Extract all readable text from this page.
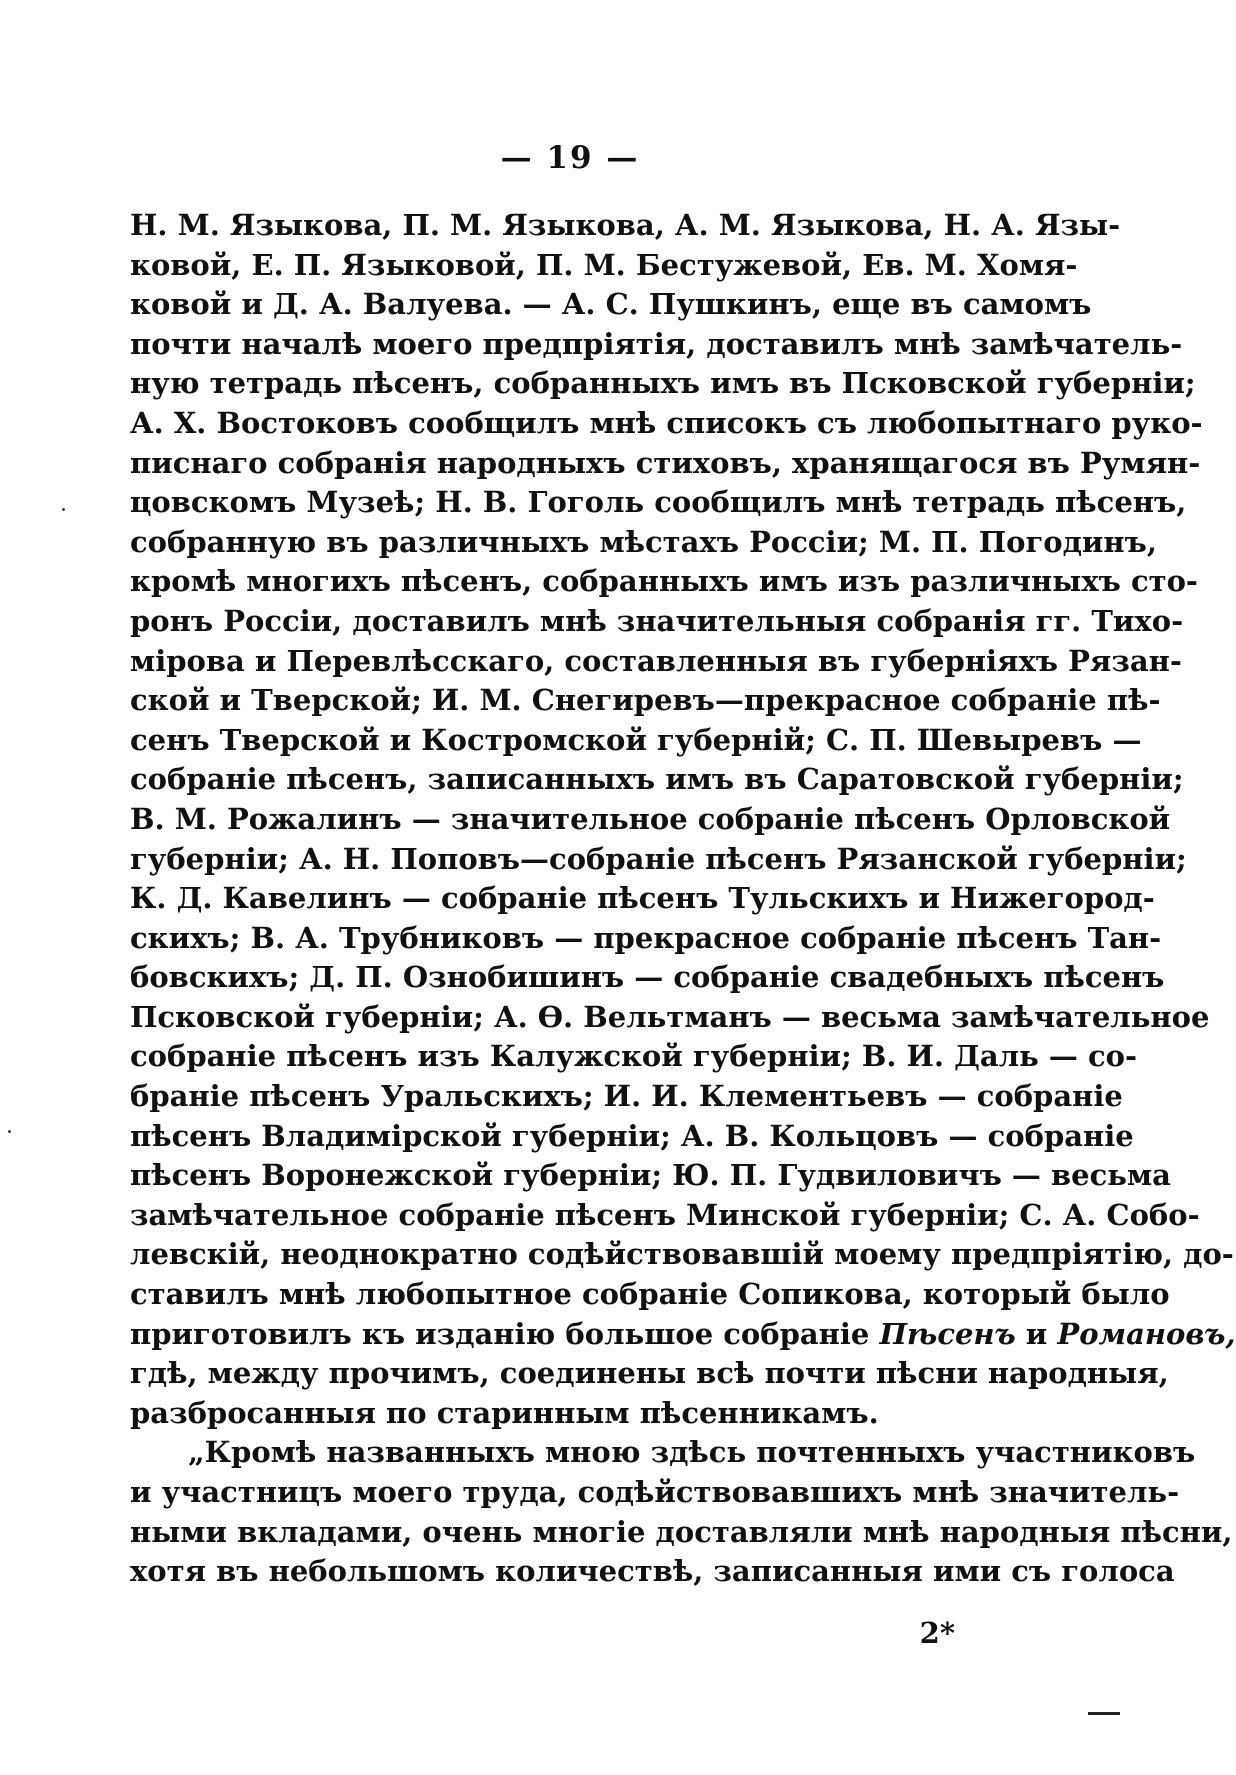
— 19 —
Н. М. Языкова, П. М. Языкова, А. М. Языкова, Н. А. Язы-
ковой, Е. П. Языковой, П. М. Бестужевой, Ев. М. Хомя-
ковой и Д. А. Валуева. — А. С. Пушкинъ, еще въ самомъ
почти началѣ моего предпріятія, доставилъ мнѣ замѣчатель-
ную тетрадь пѣсенъ, собранныхъ имъ въ Псковской губерніи;
А. Х. Востоковъ сообщилъ мнѣ списокъ съ любопытнаго руко-
писнаго собранія народныхъ стиховъ, хранящагося въ Румян-
цовскомъ Музеѣ; Н. В. Гоголь сообщилъ мнѣ тетрадь пѣсенъ,
собранную въ различныхъ мѣстахъ Россіи; М. П. Погодинъ,
кромѣ многихъ пѣсенъ, собранныхъ имъ изъ различныхъ сто-
ронъ Россіи, доставилъ мнѣ значительныя собранія гг. Тихо-
мірова и Перевлѣсскаго, составленныя въ губерніяхъ Рязан-
ской и Тверской; И. М. Снегиревъ—прекрасное собраніе пѣ-
сенъ Тверской и Костромской губерній; С. П. Шевыревъ —
собраніе пѣсенъ, записанныхъ имъ въ Саратовской губерніи;
В. М. Рожалинъ — значительное собраніе пѣсенъ Орловской
губерніи; А. Н. Поповъ—собраніе пѣсенъ Рязанской губерніи;
К. Д. Кавелинъ — собраніе пѣсенъ Тульскихъ и Нижегород-
скихъ; В. А. Трубниковъ — прекрасное собраніе пѣсенъ Тан-
бовскихъ; Д. П. Ознобишинъ — собраніе свадебныхъ пѣсенъ
Псковской губерніи; А. Ѳ. Вельтманъ — весьма замѣчательное
собраніе пѣсенъ изъ Калужской губерніи; В. И. Даль — со-
браніе пѣсенъ Уральскихъ; И. И. Клементьевъ — собраніе
пѣсенъ Владимірской губерніи; А. В. Кольцовъ — собраніе
пѣсенъ Воронежской губерніи; Ю. П. Гудвиловичъ — весьма
замѣчательное собраніе пѣсенъ Минской губерніи; С. А. Собо-
левскій, неоднократно содѣйствовавшій моему предпріятію, до-
ставилъ мнѣ любопытное собраніе Сопикова, который было
приготовилъ къ изданію большое собраніе Пѣсенъ и Романовъ,
гдѣ, между прочимъ, соединены всѣ почти пѣсни народныя,
разбросанныя по старинным пѣсенникамъ.
„Кромѣ названныхъ мною здѣсь почтенныхъ участниковъ
и участницъ моего труда, содѣйствовавшихъ мнѣ значитель-
ными вкладами, очень многіе доставляли мнѣ народныя пѣсни,
хотя въ небольшомъ количествѣ, записанныя ими съ голоса
2*
